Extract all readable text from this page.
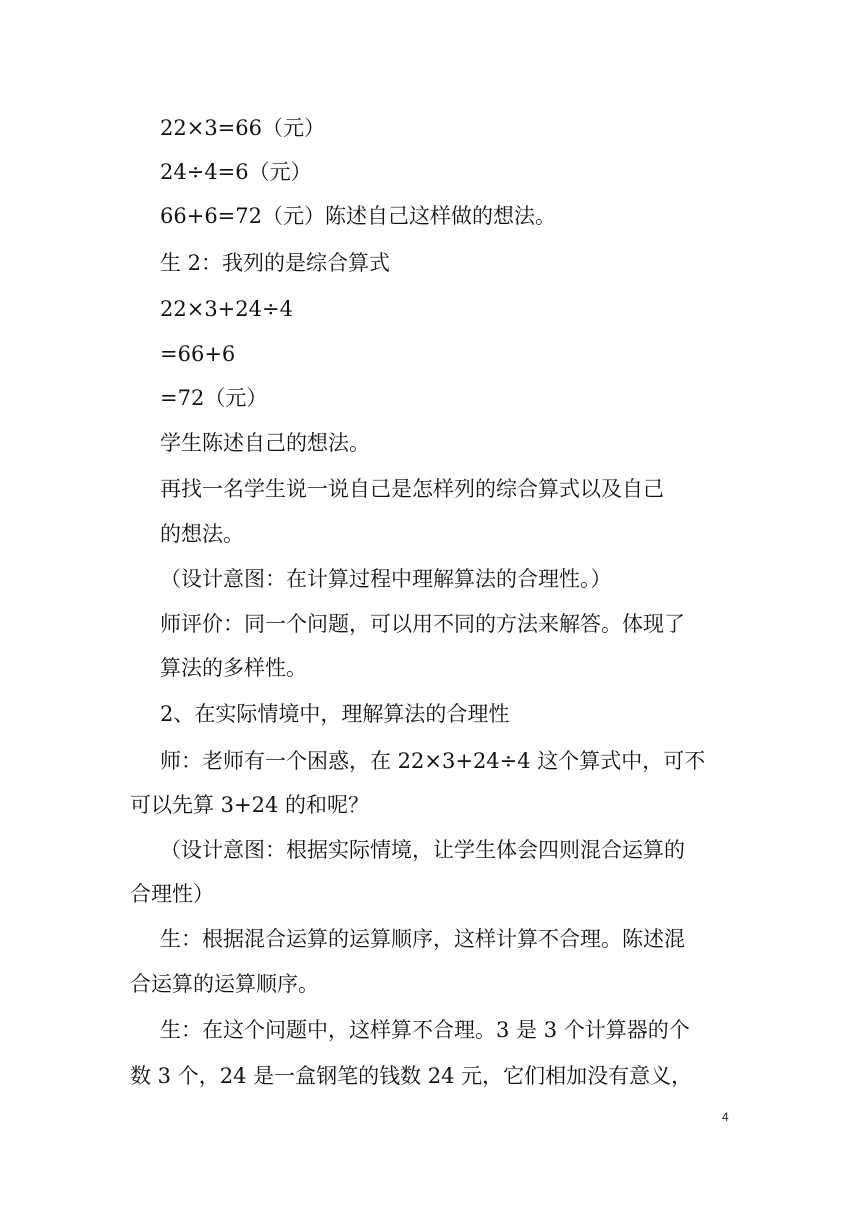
22×3=66（元）
24÷4=6（元）
66+6=72（元）陈述自己这样做的想法。
生 2：我列的是综合算式
22×3+24÷4
=66+6
=72（元）
学生陈述自己的想法。
再找一名学生说一说自己是怎样列的综合算式以及自己
的想法。
（设计意图：在计算过程中理解算法的合理性。）
师评价：同一个问题，可以用不同的方法来解答。体现了
算法的多样性。
2、在实际情境中，理解算法的合理性
师：老师有一个困惑，在 22×3+24÷4 这个算式中，可不
可以先算 3+24 的和呢？
（设计意图：根据实际情境，让学生体会四则混合运算的
合理性）
生：根据混合运算的运算顺序，这样计算不合理。陈述混
合运算的运算顺序。
生：在这个问题中，这样算不合理。3 是 3 个计算器的个
数 3 个，24 是一盒钢笔的钱数 24 元，它们相加没有意义，
4
